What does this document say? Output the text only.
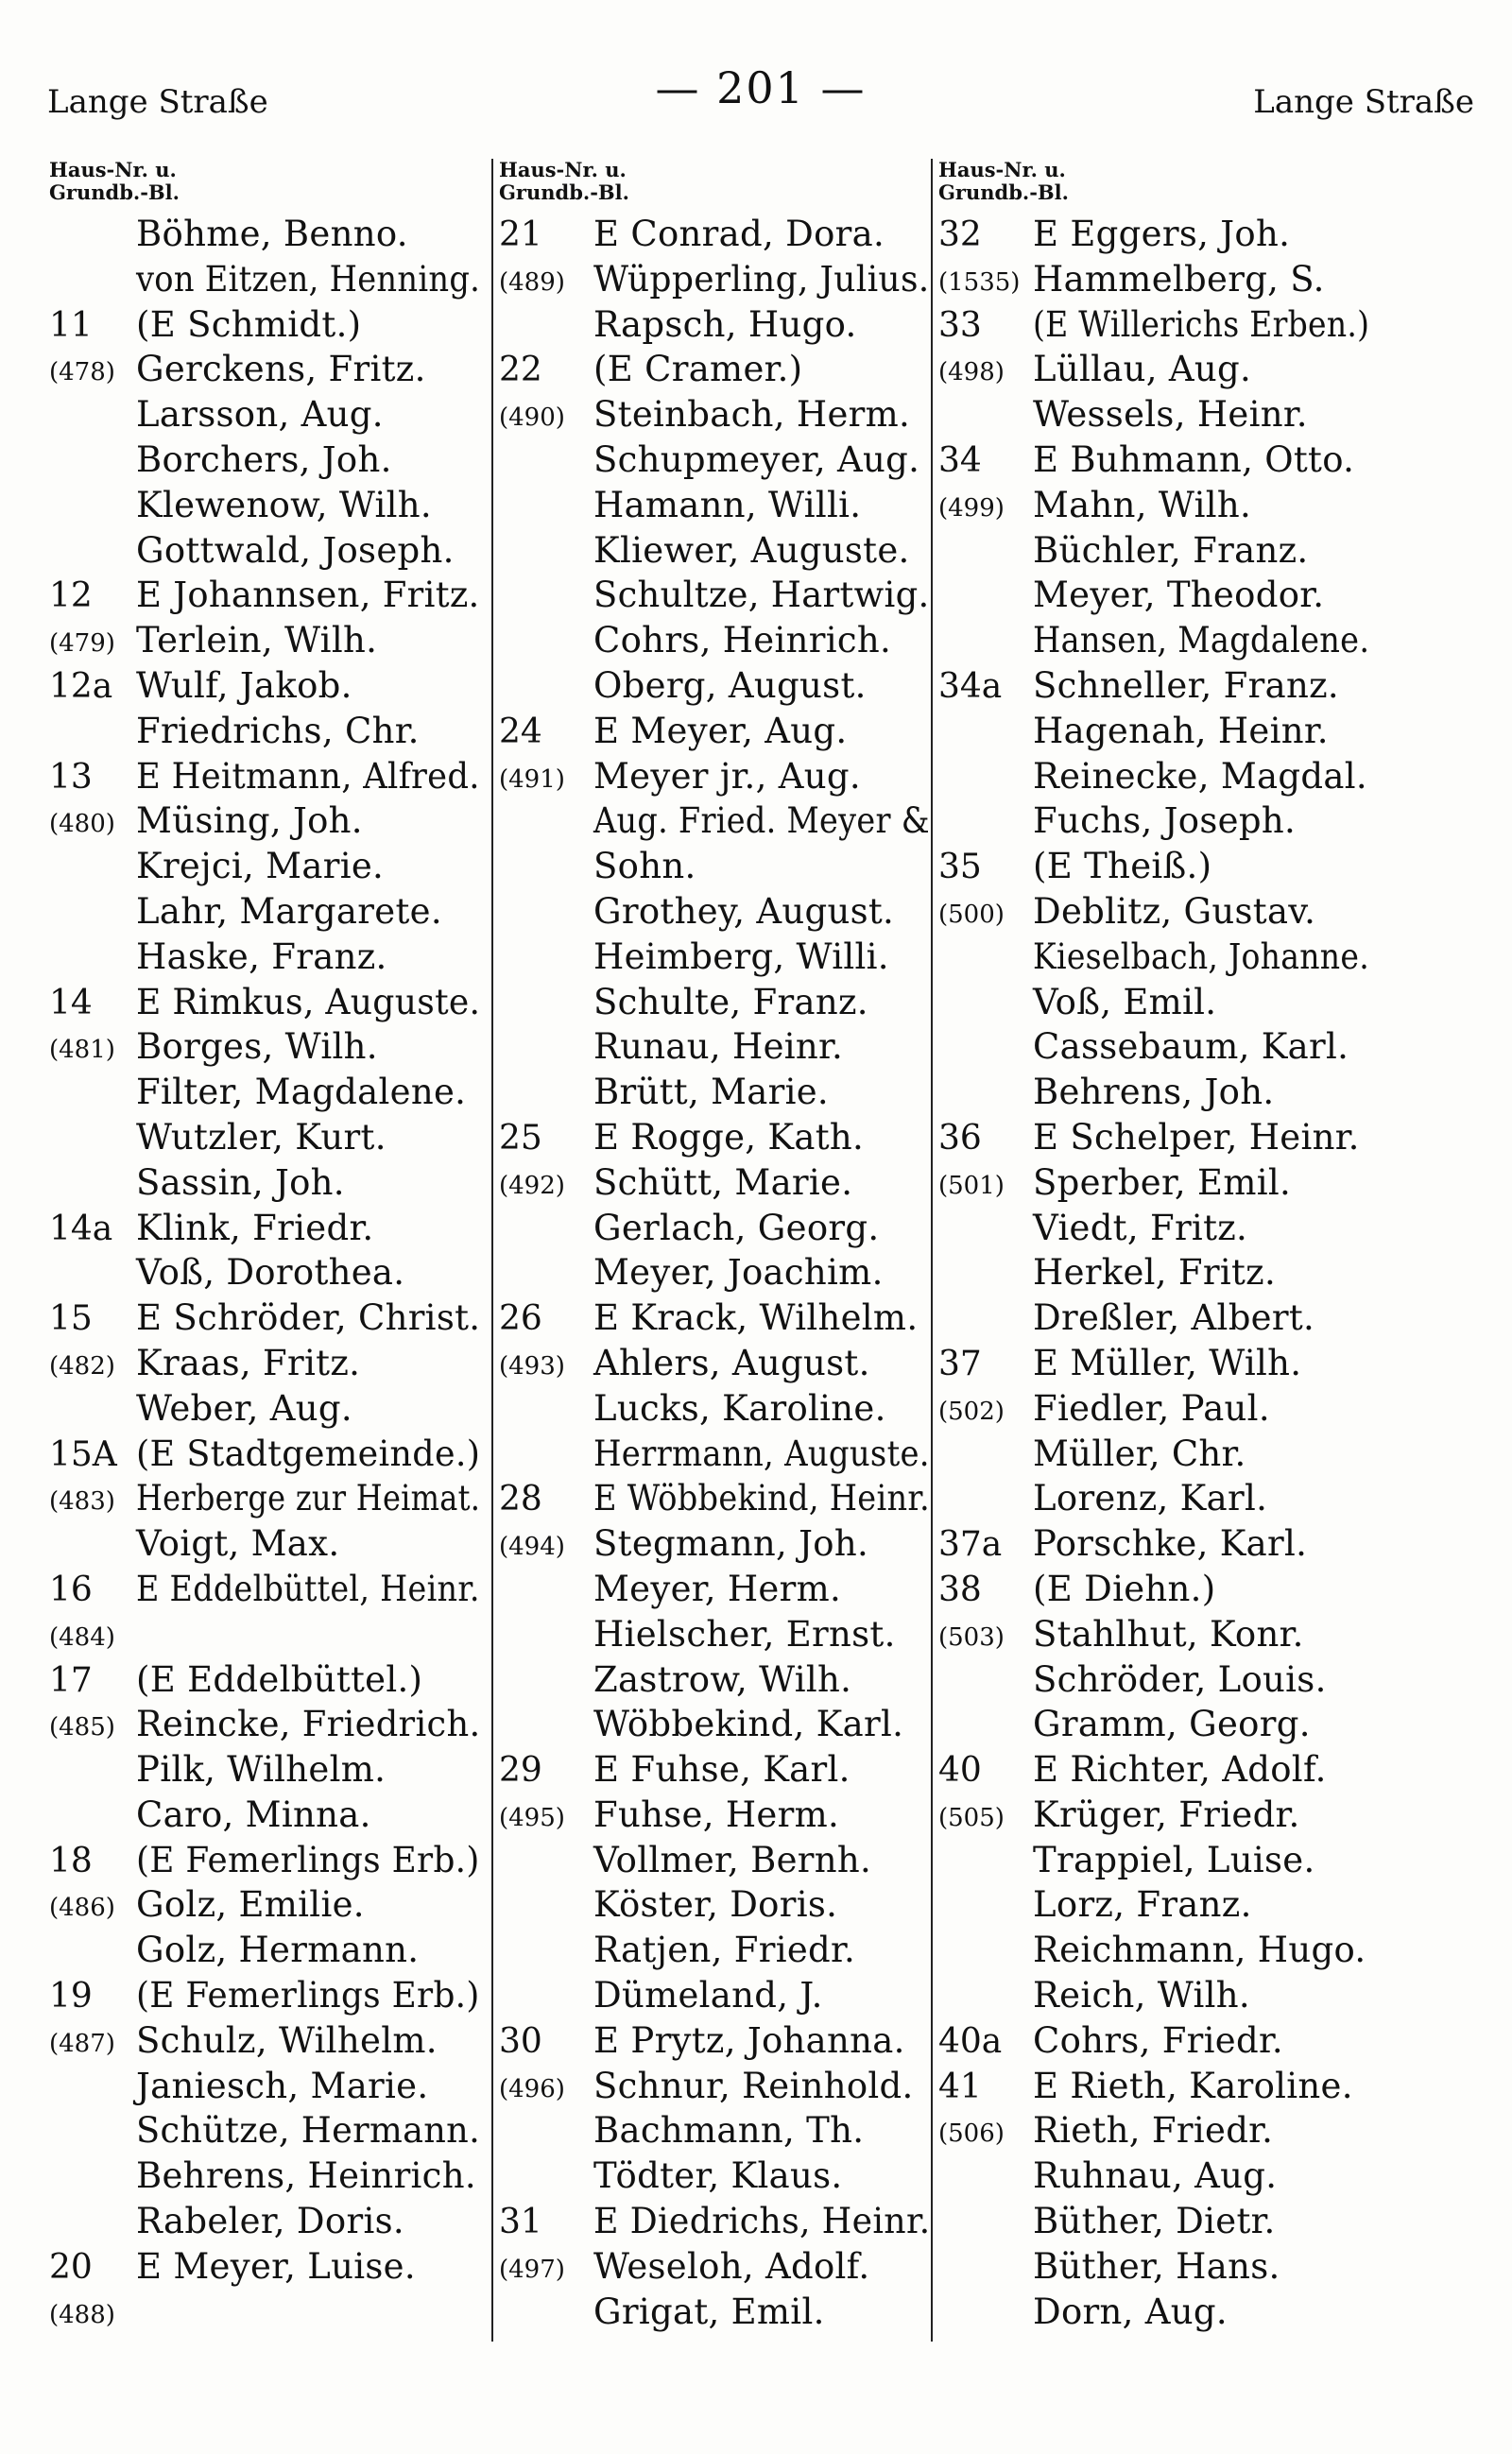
Lange Straße	— 201 —	Lange Straße
Haus-Nr. u.
Grundb.-Bl.
Böhme, Benno.
von Eitzen, Henning.
11 (E Schmidt.)
(478) Gerckens, Fritz.
Larsson, Aug.
Borchers, Joh.
Klewenow, Wilh.
Gottwald, Joseph.
12 E Johannsen, Fritz.
(479) Terlein, Wilh.
12a Wulf, Jakob.
Friedrichs, Chr.
13 E Heitmann, Alfred.
(480) Müsing, Joh.
Krejci, Marie.
Lahr, Margarete.
Haske, Franz.
14 E Rimkus, Auguste.
(481) Borges, Wilh.
Filter, Magdalene.
Wutzler, Kurt.
Sassin, Joh.
14a Klink, Friedr.
Voß, Dorothea.
15 E Schröder, Christ.
(482) Kraas, Fritz.
Weber, Aug.
15A (E Stadtgemeinde.)
(483) Herberge zur Heimat.
Voigt, Max.
16 E Eddelbüttel, Heinr.
(484)
17 (E Eddelbüttel.)
(485) Reincke, Friedrich.
Pilk, Wilhelm.
Caro, Minna.
18 (E Femerlings Erb.)
(486) Golz, Emilie.
Golz, Hermann.
19 (E Femerlings Erb.)
(487) Schulz, Wilhelm.
Janiesch, Marie.
Schütze, Hermann.
Behrens, Heinrich.
Rabeler, Doris.
20 E Meyer, Luise.
(488)
Haus-Nr. u.
Grundb.-Bl.
21 E Conrad, Dora.
(489) Wüpperling, Julius.
Rapsch, Hugo.
22 (E Cramer.)
(490) Steinbach, Herm.
Schupmeyer, Aug.
Hamann, Willi.
Kliewer, Auguste.
Schultze, Hartwig.
Cohrs, Heinrich.
Oberg, August.
24 E Meyer, Aug.
(491) Meyer jr., Aug.
Aug. Fried. Meyer &
Sohn.
Grothey, August.
Heimberg, Willi.
Schulte, Franz.
Runau, Heinr.
Brütt, Marie.
25 E Rogge, Kath.
(492) Schütt, Marie.
Gerlach, Georg.
Meyer, Joachim.
26 E Krack, Wilhelm.
(493) Ahlers, August.
Lucks, Karoline.
Herrmann, Auguste.
28 E Wöbbekind, Heinr.
(494) Stegmann, Joh.
Meyer, Herm.
Hielscher, Ernst.
Zastrow, Wilh.
Wöbbekind, Karl.
29 E Fuhse, Karl.
(495) Fuhse, Herm.
Vollmer, Bernh.
Köster, Doris.
Ratjen, Friedr.
Dümeland, J.
30 E Prytz, Johanna.
(496) Schnur, Reinhold.
Bachmann, Th.
Tödter, Klaus.
31 E Diedrichs, Heinr.
(497) Weseloh, Adolf.
Grigat, Emil.
Haus-Nr. u.
Grundb.-Bl.
32 E Eggers, Joh.
(1535) Hammelberg, S.
33 (E Willerichs Erben.)
(498) Lüllau, Aug.
Wessels, Heinr.
34 E Buhmann, Otto.
(499) Mahn, Wilh.
Büchler, Franz.
Meyer, Theodor.
Hansen, Magdalene.
34a Schneller, Franz.
Hagenah, Heinr.
Reinecke, Magdal.
Fuchs, Joseph.
35 (E Theiß.)
(500) Deblitz, Gustav.
Kieselbach, Johanne.
Voß, Emil.
Cassebaum, Karl.
Behrens, Joh.
36 E Schelper, Heinr.
(501) Sperber, Emil.
Viedt, Fritz.
Herkel, Fritz.
Dreßler, Albert.
37 E Müller, Wilh.
(502) Fiedler, Paul.
Müller, Chr.
Lorenz, Karl.
37a Porschke, Karl.
38 (E Diehn.)
(503) Stahlhut, Konr.
Schröder, Louis.
Gramm, Georg.
40 E Richter, Adolf.
(505) Krüger, Friedr.
Trappiel, Luise.
Lorz, Franz.
Reichmann, Hugo.
Reich, Wilh.
40a Cohrs, Friedr.
41 E Rieth, Karoline.
(506) Rieth, Friedr.
Ruhnau, Aug.
Büther, Dietr.
Büther, Hans.
Dorn, Aug.
